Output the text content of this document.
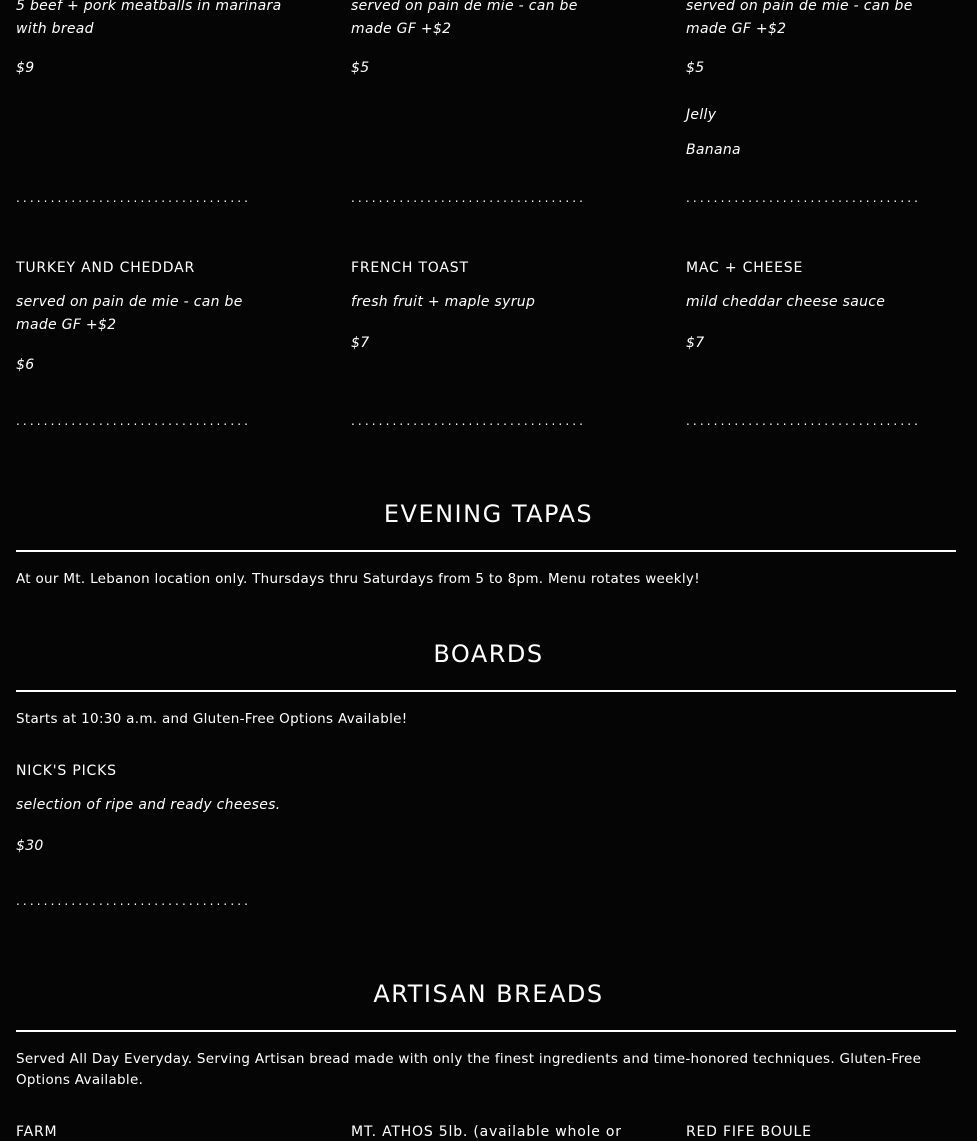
5 beef + pork meatballs in marinara with bread
$9
..................................
served on pain de mie - can be made GF +$2
$5
..................................
served on pain de mie - can be made GF +$2
$5
Jelly
Banana
..................................
TURKEY AND CHEDDAR
served on pain de mie - can be made GF +$2
$6
..................................
FRENCH TOAST
fresh fruit + maple syrup
$7
..................................
MAC + CHEESE
mild cheddar cheese sauce
$7
..................................
EVENING TAPAS
At our Mt. Lebanon location only. Thursdays thru Saturdays from 5 to 8pm. Menu rotates weekly!
BOARDS
Starts at 10:30 a.m. and Gluten-Free Options Available!
NICK'S PICKS
selection of ripe and ready cheeses.
$30
..................................
ARTISAN BREADS
Served All Day Everyday. Serving Artisan bread made with only the finest ingredients and time-honored techniques. Gluten-Free Options Available.
FARM	MT. ATHOS 5lb. (available whole or	RED FIFE BOULE
